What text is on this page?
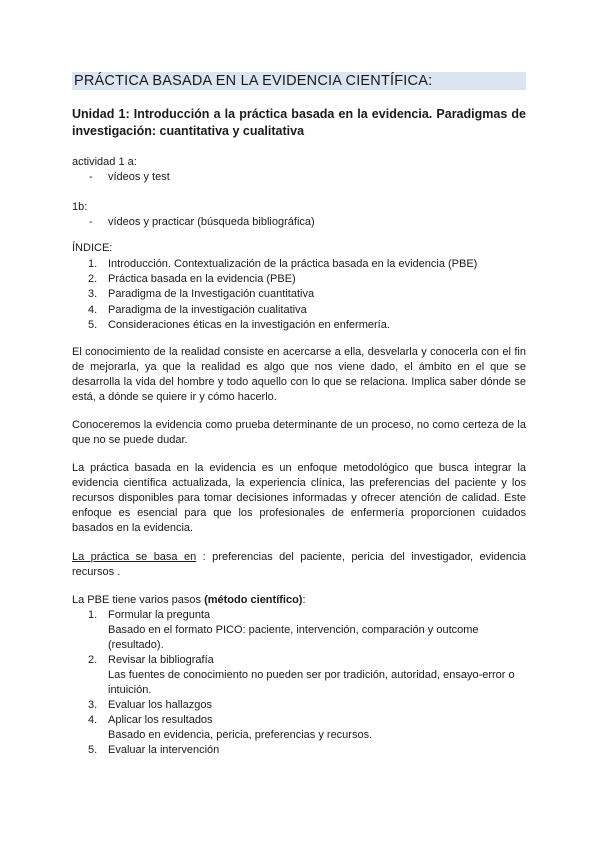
PRÁCTICA BASADA EN LA EVIDENCIA CIENTÍFICA:
Unidad 1: Introducción a la práctica basada en la evidencia. Paradigmas de investigación: cuantitativa y cualitativa
actividad 1 a:
- vídeos y test
1b:
- vídeos y practicar (búsqueda bibliográfica)
ÍNDICE:
1. Introducción. Contextualización de la práctica basada en la evidencia (PBE)
2. Práctica basada en la evidencia (PBE)
3. Paradigma de la Investigación cuantitativa
4. Paradigma de la investigación cualitativa
5. Consideraciones éticas en la investigación en enfermería.
El conocimiento de la realidad consiste en acercarse a ella, desvelarla y conocerla con el fin de mejorarla, ya que la realidad es algo que nos viene dado, el ámbito en el que se desarrolla la vida del hombre y todo aquello con lo que se relaciona. Implica saber dónde se está, a dónde se quiere ir y cómo hacerlo.
Conoceremos la evidencia como prueba determinante de un proceso, no como certeza de la que no se puede dudar.
La práctica basada en la evidencia es un enfoque metodológico que busca integrar la evidencia científica actualizada, la experiencia clínica, las preferencias del paciente y los recursos disponibles para tomar decisiones informadas y ofrecer atención de calidad. Este enfoque es esencial para que los profesionales de enfermería proporcionen cuidados basados en la evidencia.
La práctica se basa en : preferencias del paciente, pericia del investigador, evidencia recursos .
La PBE tiene varios pasos (método científico):
1. Formular la pregunta
Basado en el formato PICO: paciente, intervención, comparación y outcome (resultado).
2. Revisar la bibliografía
Las fuentes de conocimiento no pueden ser por tradición, autoridad, ensayo-error o intuición.
3. Evaluar los hallazgos
4. Aplicar los resultados
Basado en evidencia, pericia, preferencias y recursos.
5. Evaluar la intervención
